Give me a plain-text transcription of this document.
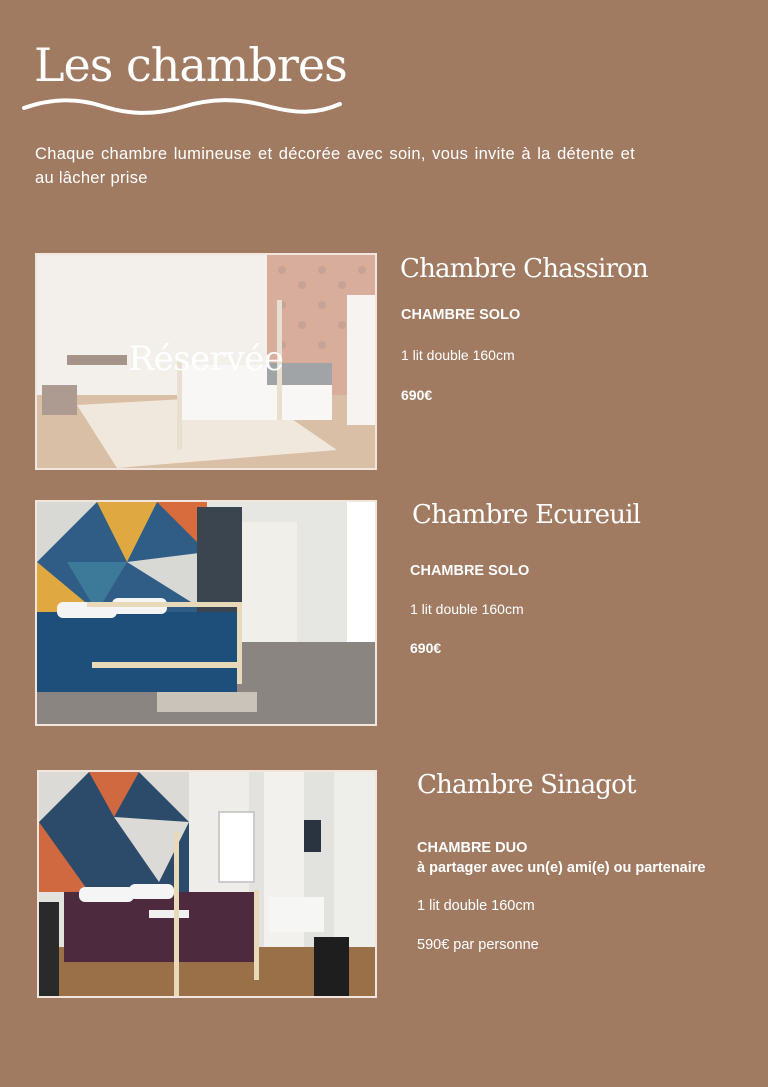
Les chambres

Chaque chambre lumineuse et décorée avec soin, vous invite à la détente et au lâcher prise

Réservée
Chambre Chassiron

CHAMBRE SOLO

1 lit double 160cm

690€

Chambre Ecureuil

CHAMBRE SOLO

1 lit double 160cm

690€

Chambre Sinagot

CHAMBRE DUO

à partager avec un(e) ami(e) ou partenaire

1 lit double 160cm

590€ par personne
